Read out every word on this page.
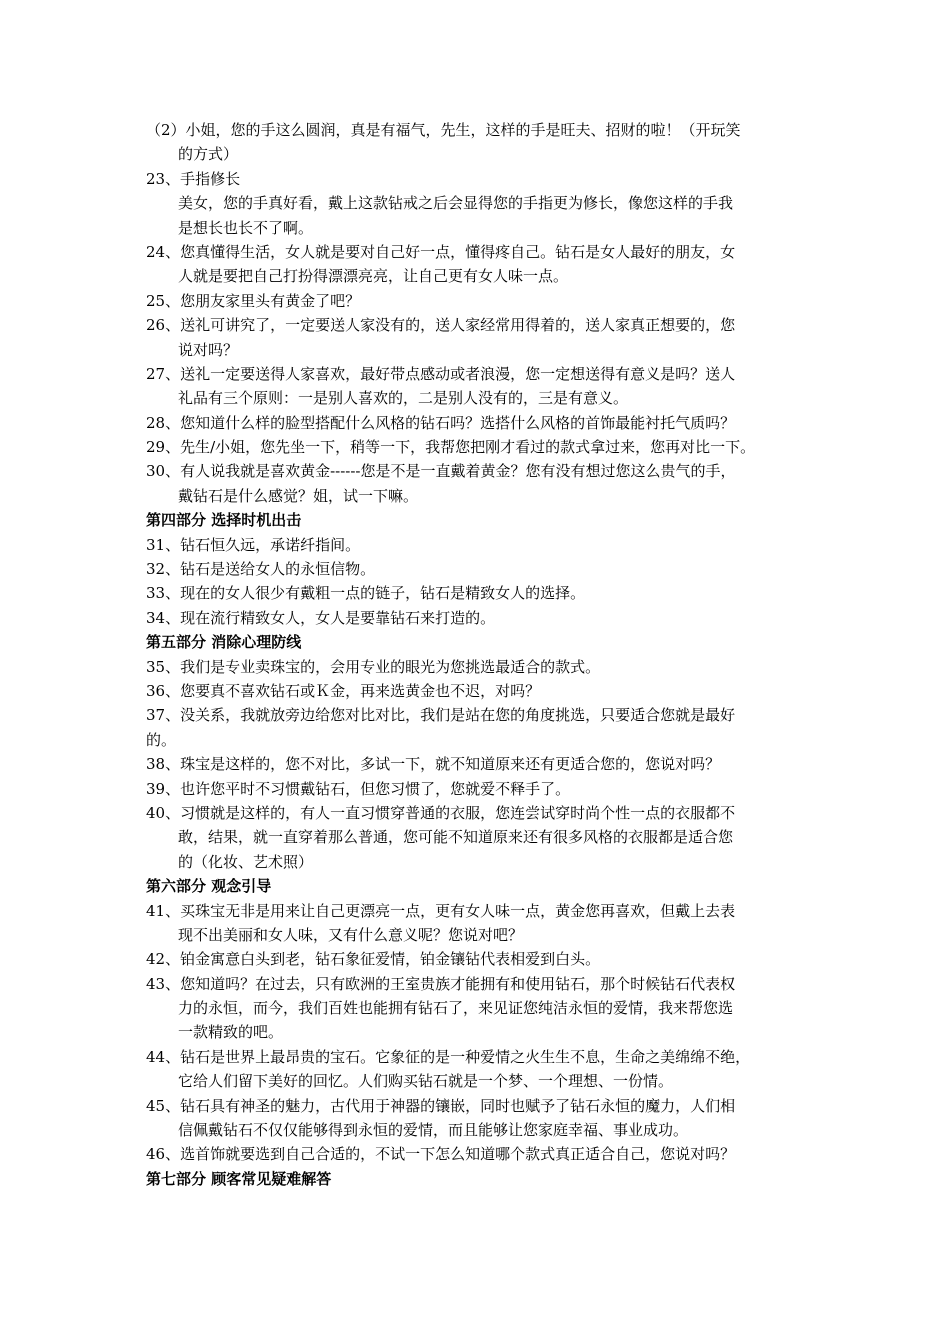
（2）小姐，您的手这么圆润，真是有福气，先生，这样的手是旺夫、招财的啦！（开玩笑
的方式）
23、手指修长
美女，您的手真好看，戴上这款钻戒之后会显得您的手指更为修长，像您这样的手我
是想长也长不了啊。
24、您真懂得生活，女人就是要对自己好一点，懂得疼自己。钻石是女人最好的朋友，女
人就是要把自己打扮得漂漂亮亮，让自己更有女人味一点。
25、您朋友家里头有黄金了吧？
26、送礼可讲究了，一定要送人家没有的，送人家经常用得着的，送人家真正想要的，您
说对吗？
27、送礼一定要送得人家喜欢，最好带点感动或者浪漫，您一定想送得有意义是吗？送人
礼品有三个原则：一是别人喜欢的，二是别人没有的，三是有意义。
28、您知道什么样的脸型搭配什么风格的钻石吗？选搭什么风格的首饰最能衬托气质吗？
29、先生/小姐，您先坐一下，稍等一下，我帮您把刚才看过的款式拿过来，您再对比一下。
30、有人说我就是喜欢黄金------您是不是一直戴着黄金？您有没有想过您这么贵气的手，
戴钻石是什么感觉？姐，试一下嘛。
第四部分 选择时机出击
31、钻石恒久远，承诺纤指间。
32、钻石是送给女人的永恒信物。
33、现在的女人很少有戴粗一点的链子，钻石是精致女人的选择。
34、现在流行精致女人，女人是要靠钻石来打造的。
第五部分 消除心理防线
35、我们是专业卖珠宝的，会用专业的眼光为您挑选最适合的款式。
36、您要真不喜欢钻石或Ｋ金，再来选黄金也不迟，对吗？
37、没关系，我就放旁边给您对比对比，我们是站在您的角度挑选，只要适合您就是最好
的。
38、珠宝是这样的，您不对比，多试一下，就不知道原来还有更适合您的，您说对吗？
39、也许您平时不习惯戴钻石，但您习惯了，您就爱不释手了。
40、习惯就是这样的，有人一直习惯穿普通的衣服，您连尝试穿时尚个性一点的衣服都不
敢，结果，就一直穿着那么普通，您可能不知道原来还有很多风格的衣服都是适合您
的（化妆、艺术照）
第六部分 观念引导
41、买珠宝无非是用来让自己更漂亮一点，更有女人味一点，黄金您再喜欢，但戴上去表
现不出美丽和女人味，又有什么意义呢？您说对吧？
42、铂金寓意白头到老，钻石象征爱情，铂金镶钻代表相爱到白头。
43、您知道吗？在过去，只有欧洲的王室贵族才能拥有和使用钻石，那个时候钻石代表权
力的永恒，而今，我们百姓也能拥有钻石了，来见证您纯洁永恒的爱情，我来帮您选
一款精致的吧。
44、钻石是世界上最昂贵的宝石。它象征的是一种爱情之火生生不息，生命之美绵绵不绝，
它给人们留下美好的回忆。人们购买钻石就是一个梦、一个理想、一份情。
45、钻石具有神圣的魅力，古代用于神器的镶嵌，同时也赋予了钻石永恒的魔力，人们相
信佩戴钻石不仅仅能够得到永恒的爱情，而且能够让您家庭幸福、事业成功。
46、选首饰就要选到自己合适的，不试一下怎么知道哪个款式真正适合自己，您说对吗？
第七部分 顾客常见疑难解答
